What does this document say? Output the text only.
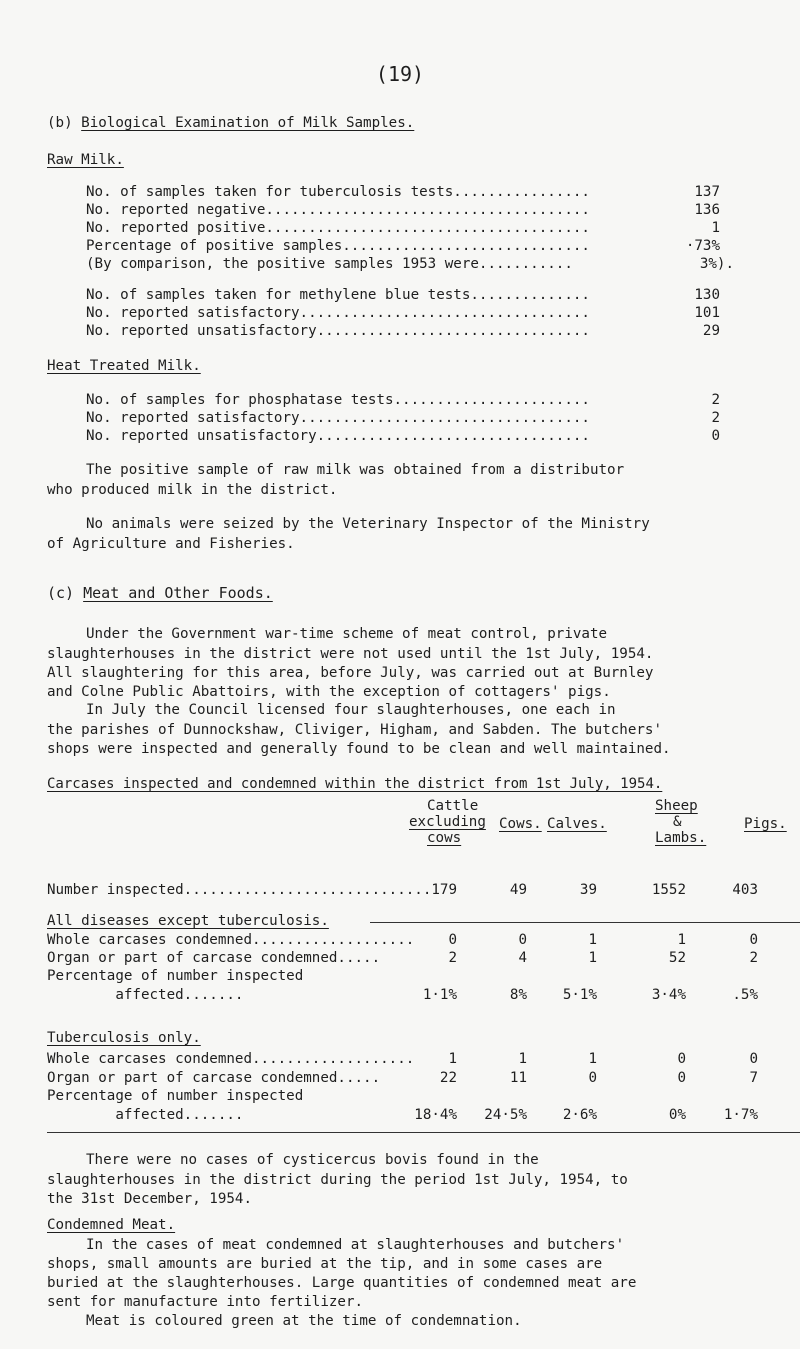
(19)
(b) Biological Examination of Milk Samples.
Raw Milk.
No. of samples taken for tuberculosis tests................	137
No. reported negative......................................	136
No. reported positive......................................	1
Percentage of positive samples.............................	·73%
(By comparison, the positive samples 1953 were...........	3%).
No. of samples taken for methylene blue tests..............	130
No. reported satisfactory..................................	101
No. reported unsatisfactory................................	29
Heat Treated Milk.
No. of samples for phosphatase tests.......................	2
No. reported satisfactory..................................	2
No. reported unsatisfactory................................	0

The positive sample of raw milk was obtained from a distributor

who produced milk in the district.

No animals were seized by the Veterinary Inspector of the Ministry

of Agriculture and Fisheries.

(c) Meat and Other Foods.

Under the Government war-time scheme of meat control, private

slaughterhouses in the district were not used until the 1st July, 1954.

All slaughtering for this area, before July, was carried out at Burnley

and Colne Public Abattoirs, with the exception of cottagers' pigs.

In July the Council licensed four slaughterhouses, one each in

the parishes of Dunnockshaw, Cliviger, Higham, and Sabden. The butchers'

shops were inspected and generally found to be clean and well maintained.

Carcases inspected and condemned within the district from 1st July, 1954.
Cattle
excluding
cows
Cows. Calves.
Sheep
&
Lambs.
Pigs.
Number inspected............................. 179	49	39	1552	403
All diseases except tuberculosis.
Whole carcases condemned................... 0	0	1	1	0
Organ or part of carcase condemned.....	2	4	1	52	2
Percentage of number inspected
affected.......	1·1%	8%	5·1%	3·4%	.5%
Tuberculosis only.
Whole carcases condemned................... 1	1	1	0	0
Organ or part of carcase condemned.....	22	11	0	0	7
Percentage of number inspected
affected.......	18·4% 24·5%	2·6%	0%	1·7%

There were no cases of cysticercus bovis found in the

slaughterhouses in the district during the period 1st July, 1954, to

the 31st December, 1954.

Condemned Meat.

In the cases of meat condemned at slaughterhouses and butchers'

shops, small amounts are buried at the tip, and in some cases are

buried at the slaughterhouses. Large quantities of condemned meat are

sent for manufacture into fertilizer.

Meat is coloured green at the time of condemnation.
